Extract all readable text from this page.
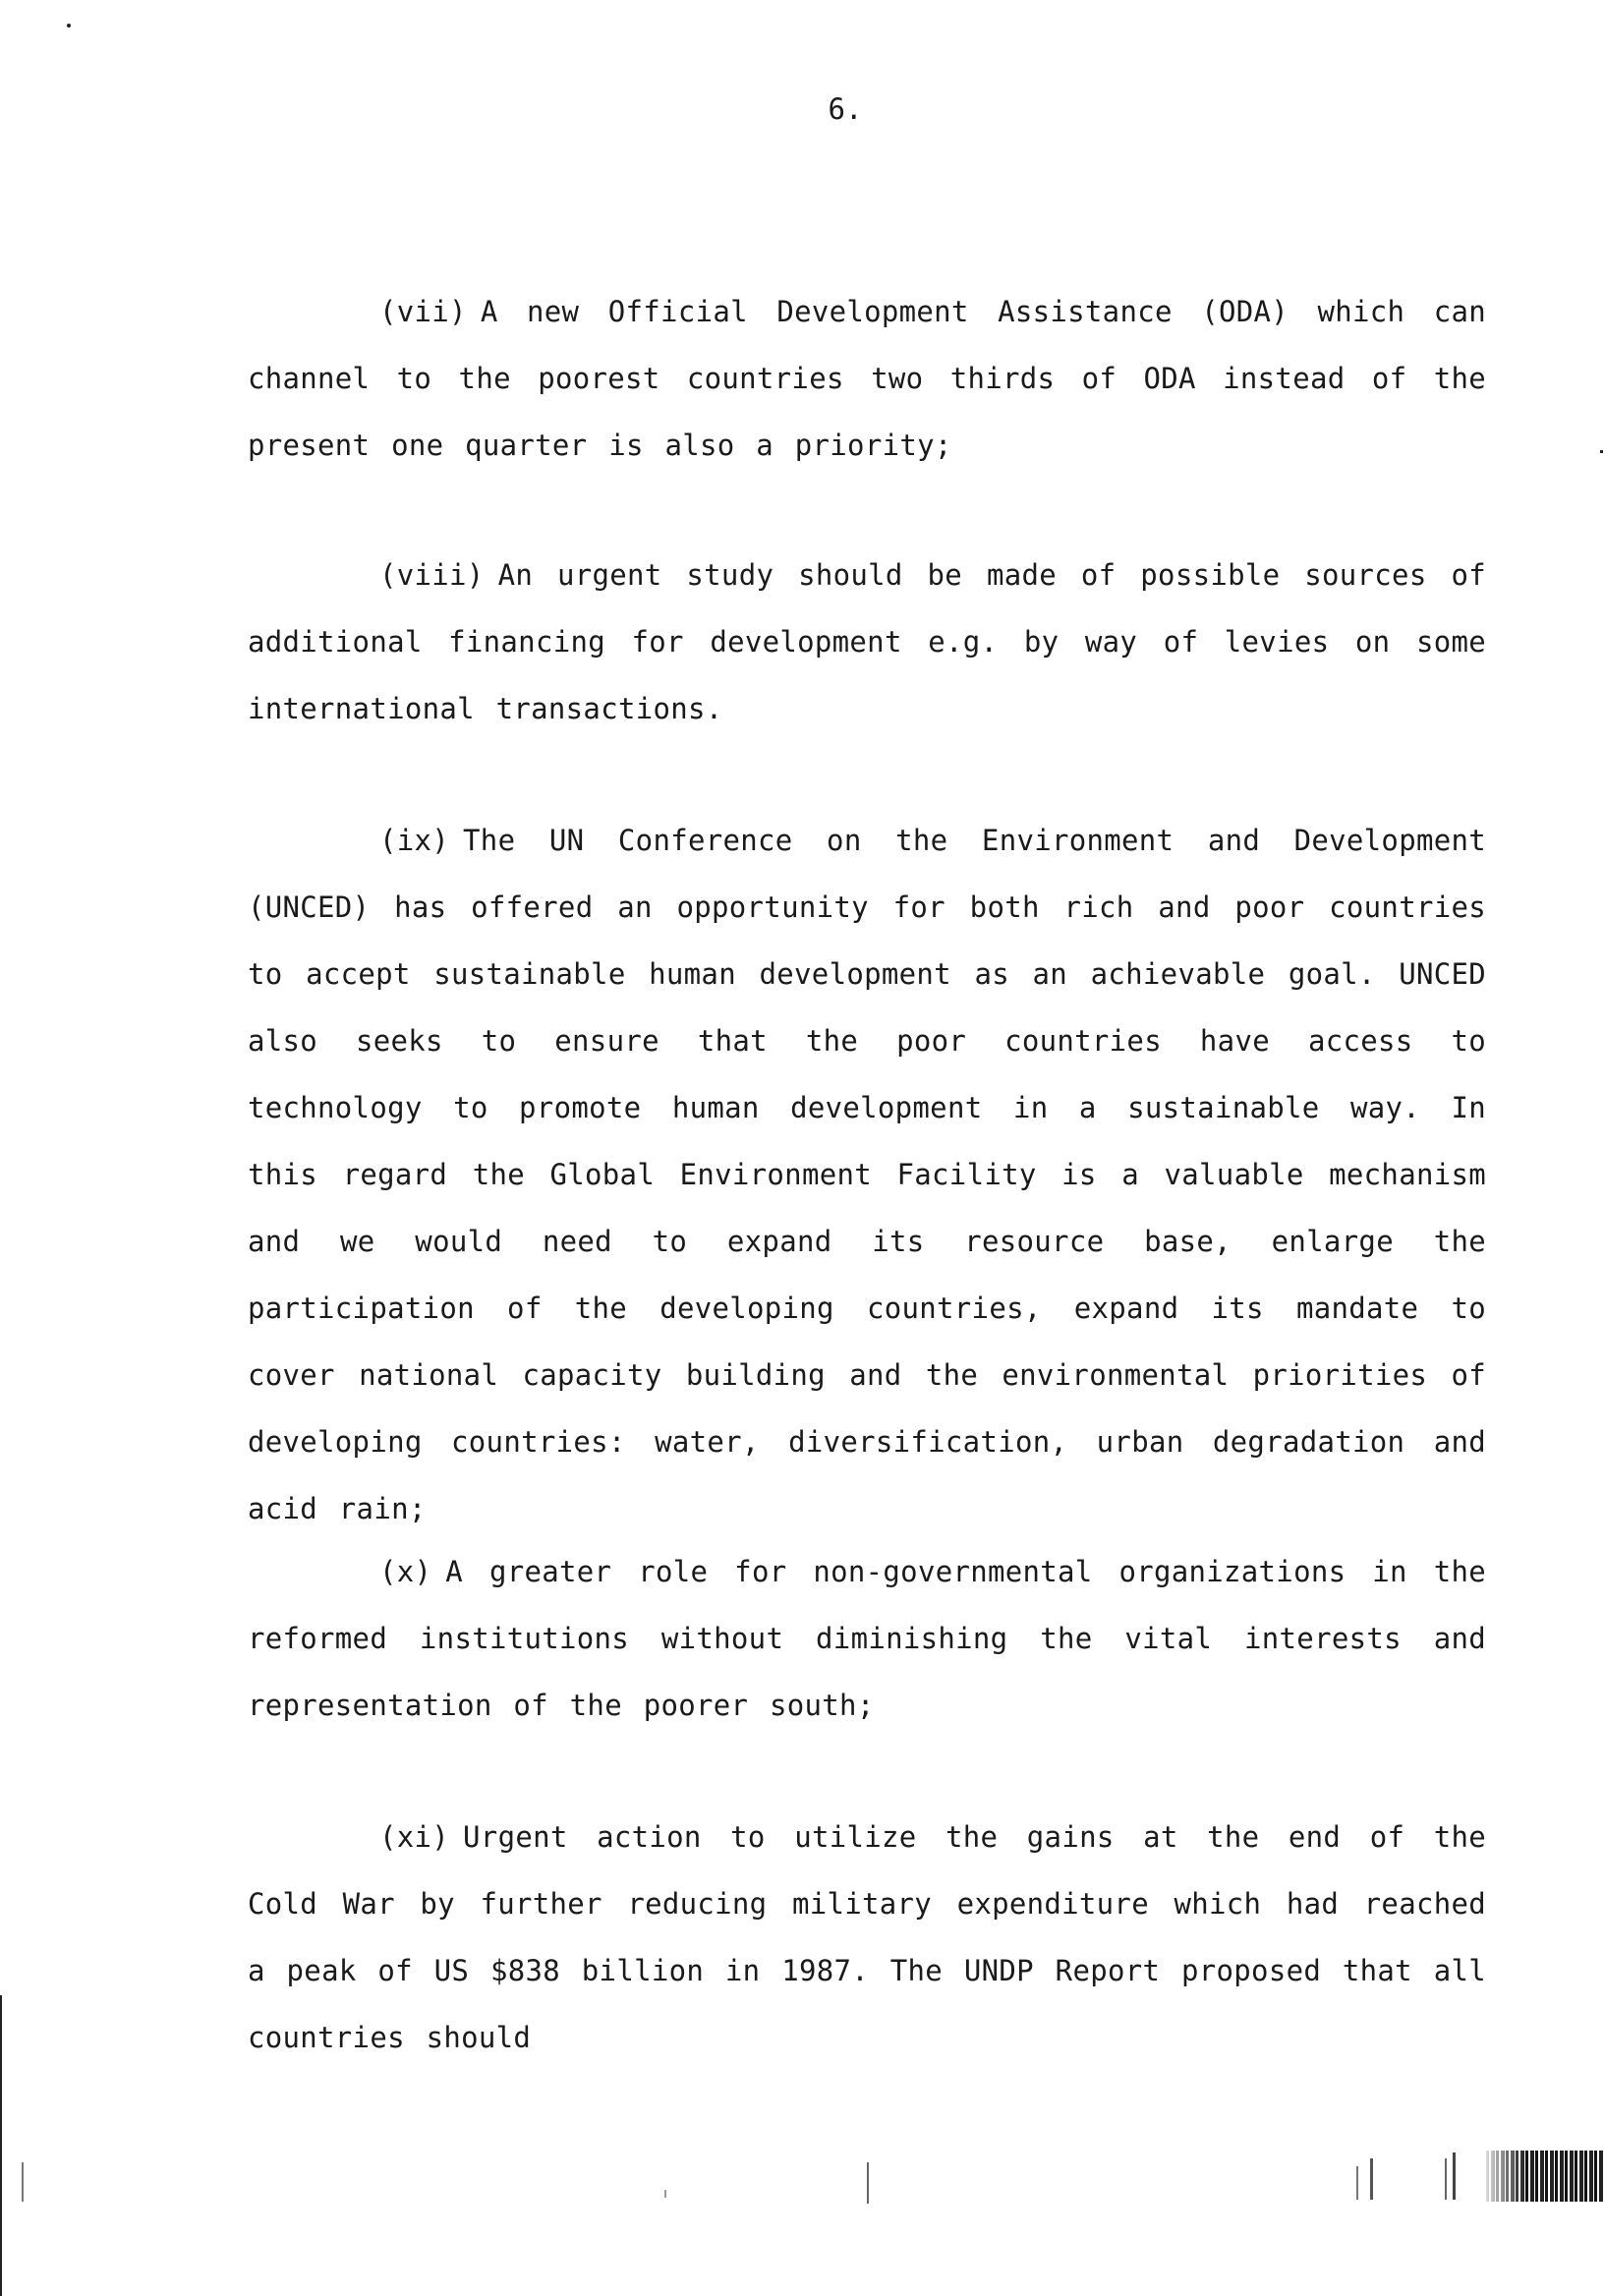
6.

(vii) A new Official Development Assistance (ODA) which can channel to the poorest countries two thirds of ODA instead of the present one quarter is also a priority;

(viii) An urgent study should be made of possible sources of additional financing for development e.g. by way of levies on some international transactions.

(ix) The UN Conference on the Environment and Development (UNCED) has offered an opportunity for both rich and poor countries to accept sustainable human development as an achievable goal. UNCED also seeks to ensure that the poor countries have access to technology to promote human development in a sustainable way. In this regard the Global Environment Facility is a valuable mechanism and we would need to expand its resource base, enlarge the participation of the developing countries, expand its mandate to cover national capacity building and the environmental priorities of developing countries: water, diversification, urban degradation and acid rain;

(x) A greater role for non-governmental organizations in the reformed institutions without diminishing the vital interests and representation of the poorer south;

(xi) Urgent action to utilize the gains at the end of the Cold War by further reducing military expenditure which had reached a peak of US $838 billion in 1987. The UNDP Report proposed that all countries should
